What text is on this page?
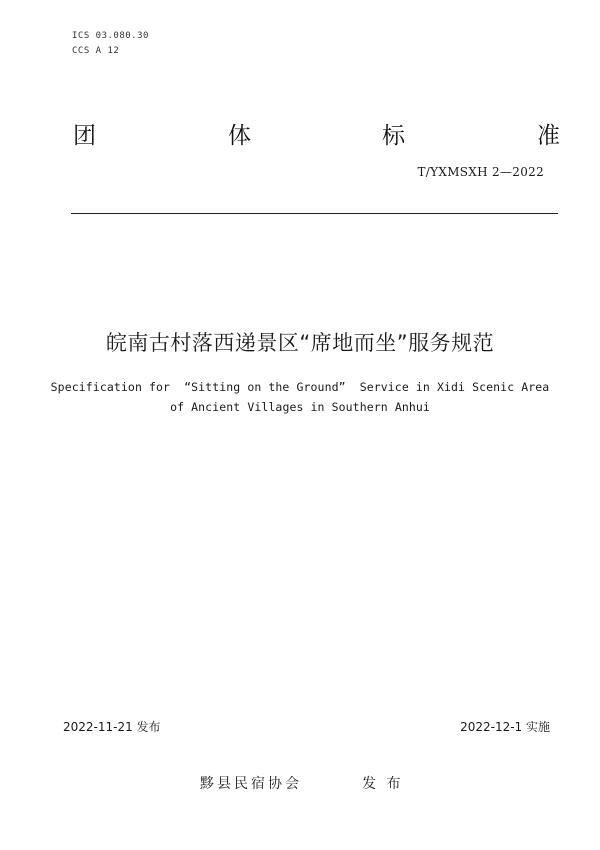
ICS 03.080.30
CCS A 12
团	体	标	准
T/YXMSXH 2—2022
皖南古村落西递景区“席地而坐”服务规范
Specification for  “Sitting on the Ground”  Service in Xidi Scenic Area
of Ancient Villages in Southern Anhui
2022-11-21 发布	2022-12-1 实施
黟县民宿协会	发 布
